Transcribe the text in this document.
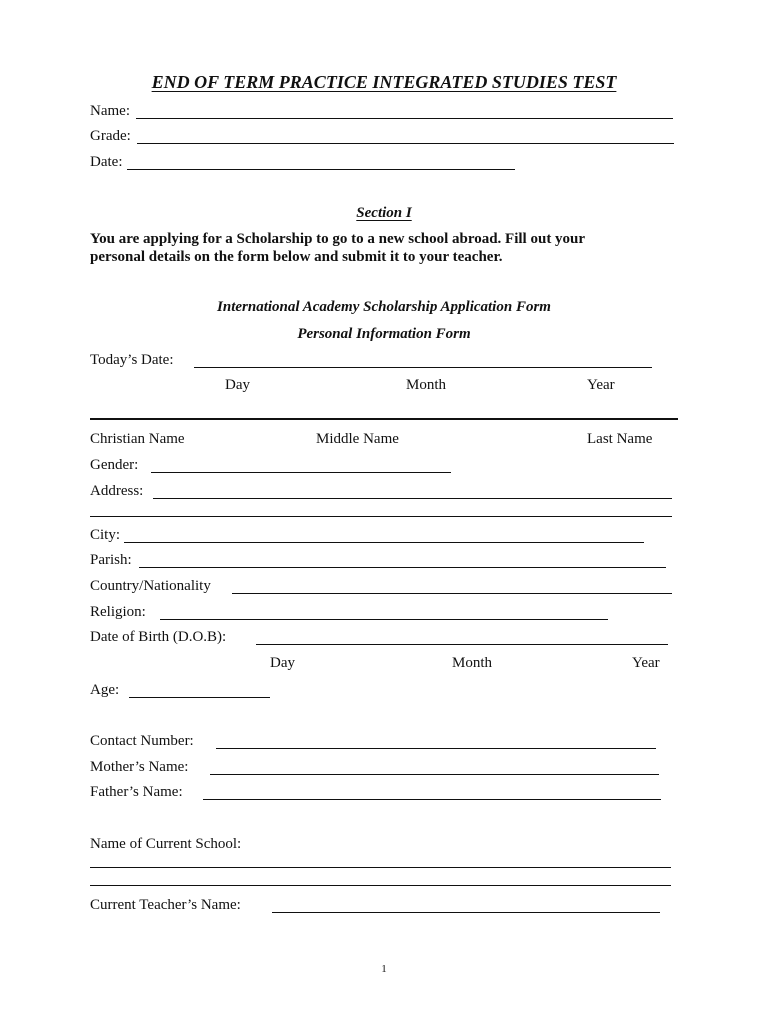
END OF TERM PRACTICE INTEGRATED STUDIES TEST
Name:
Grade:
Date:
Section I
You are applying for a Scholarship to go to a new school abroad. Fill out your
personal details on the form below and submit it to your teacher.
International Academy Scholarship Application Form
Personal Information Form
Today’s Date:
Day	Month	Year
Christian Name	Middle Name	Last Name
Gender:
Address:
City:
Parish:
Country/Nationality
Religion:
Date of Birth (D.O.B):
Day	Month	Year
Age:
Contact Number:
Mother’s Name:
Father’s Name:
Name of Current School:
Current Teacher’s Name:
1
